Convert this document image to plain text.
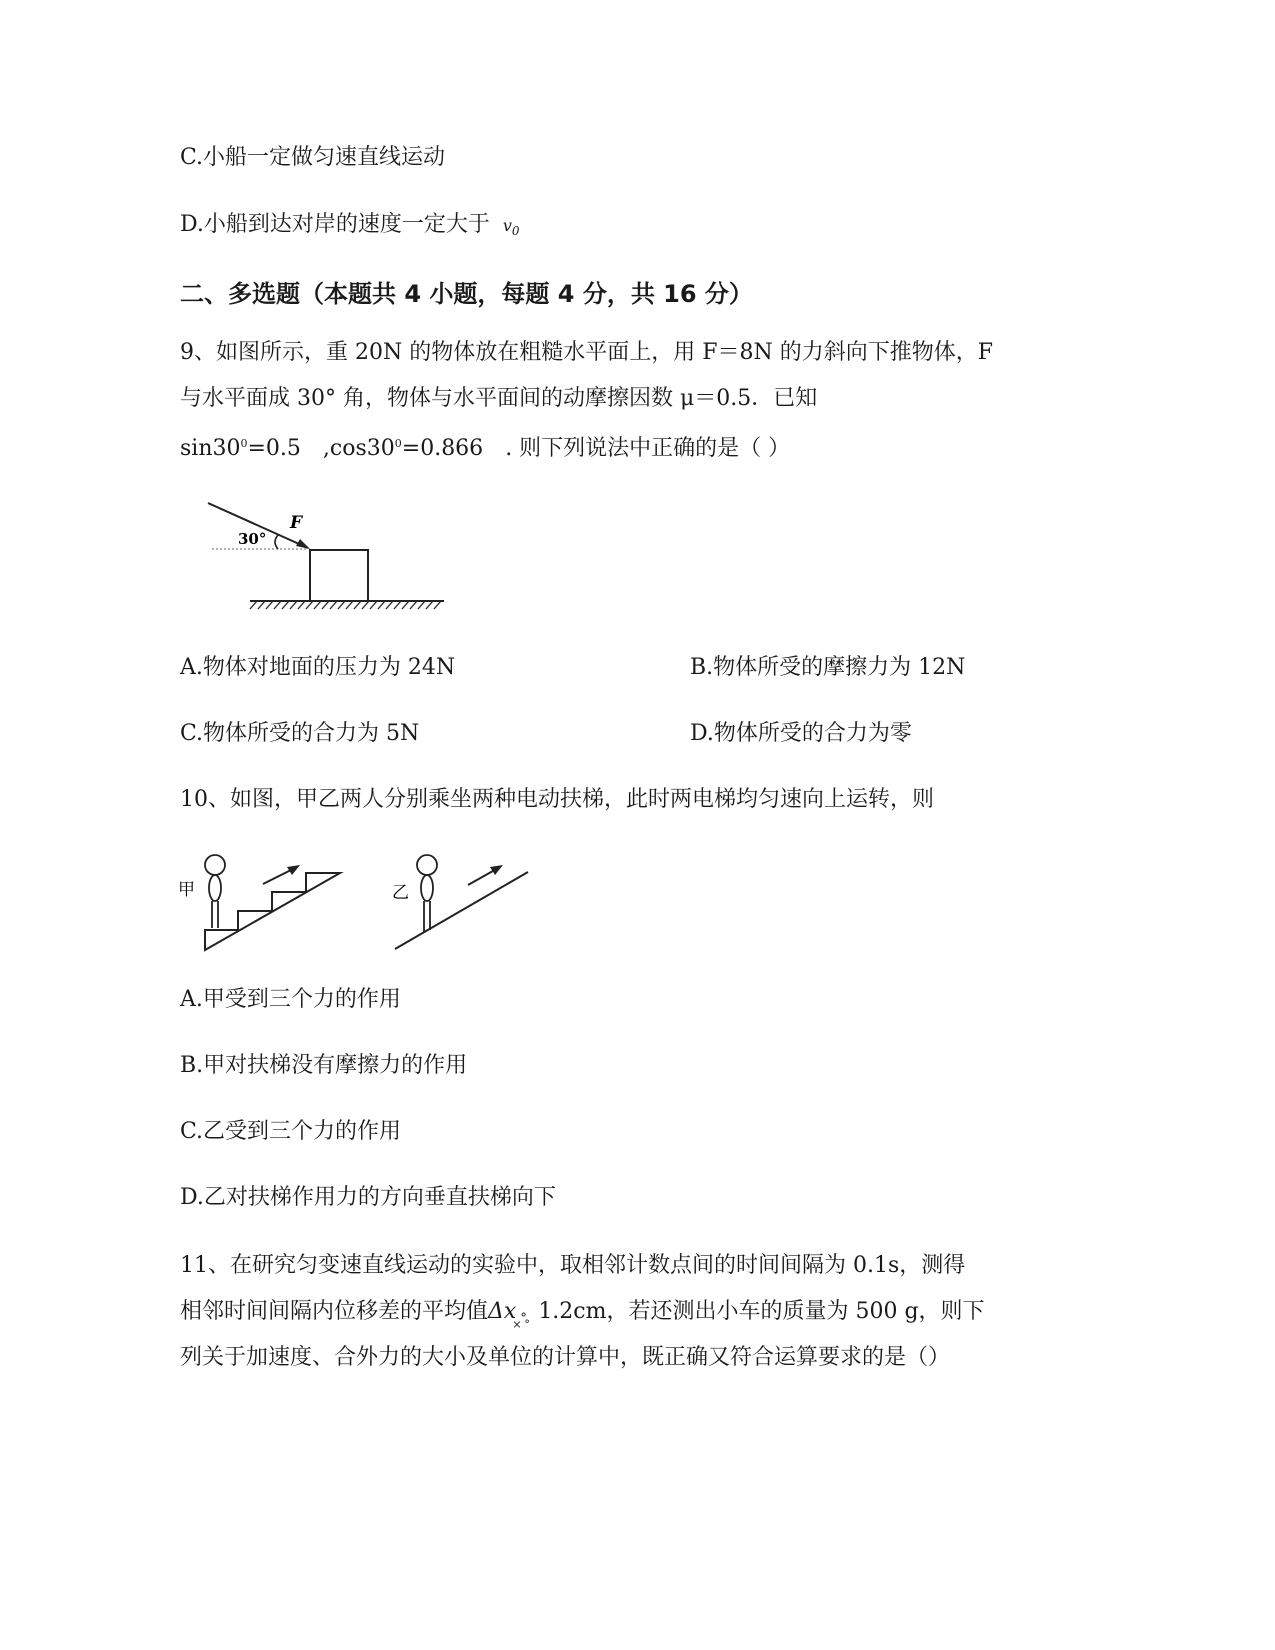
C.小船一定做匀速直线运动
D.小船到达对岸的速度一定大于 $v_0$
二、多选题（本题共 4 小题，每题 4 分，共 16 分）
9、如图所示，重 20N 的物体放在粗糙水平面上，用 F＝8N 的力斜向下推物体，F
与水平面成 30° 角，物体与水平面间的动摩擦因数 μ＝0.5．已知
$\sin 30^0=0.5$ $,\cos 30^0=0.866$ . 则下列说法中正确的是（ ）
30°
F
A.物体对地面的压力为 24N	B.物体所受的摩擦力为 12N
C.物体所受的合力为 5N	D.物体所受的合力为零
10、如图，甲乙两人分别乘坐两种电动扶梯，此时两电梯均匀速向上运转，则
甲	乙
A.甲受到三个力的作用
B.甲对扶梯没有摩擦力的作用
C.乙受到三个力的作用
D.乙对扶梯作用力的方向垂直扶梯向下
11、在研究匀变速直线运动的实验中，取相邻计数点间的时间间隔为 0.1s，测得
相邻时间间隔内位移差的平均值Δx °
× °
1.2cm，若还测出小车的质量为 500 g，则下
列关于加速度、合外力的大小及单位的计算中，既正确又符合运算要求的是（）
